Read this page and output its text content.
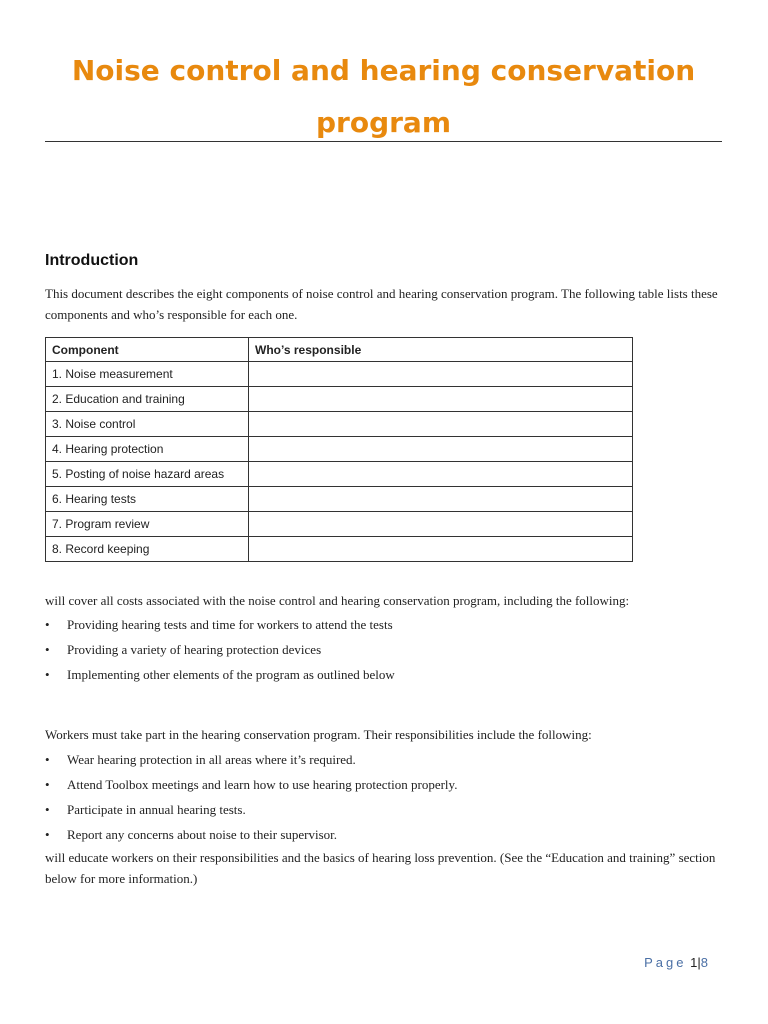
Noise control and hearing conservation
program
Introduction

This document describes the eight components of noise control and hearing conservation program. The following table lists these components and who’s responsible for each one.

Component	Who’s responsible
1. Noise measurement	
2. Education and training	
3. Noise control	
4. Hearing protection	
5. Posting of noise hazard areas	
6. Hearing tests	
7. Program review	
8. Record keeping	

will cover all costs associated with the noise control and hearing conservation program, including the following:

• Providing hearing tests and time for workers to attend the tests
• Providing a variety of hearing protection devices
• Implementing other elements of the program as outlined below

Workers must take part in the hearing conservation program. Their responsibilities include the following:

• Wear hearing protection in all areas where it’s required.
• Attend Toolbox meetings and learn how to use hearing protection properly.
• Participate in annual hearing tests.
• Report any concerns about noise to their supervisor.

will educate workers on their responsibilities and the basics of hearing loss prevention. (See the “Education and training” section below for more information.)

Page 1|8
